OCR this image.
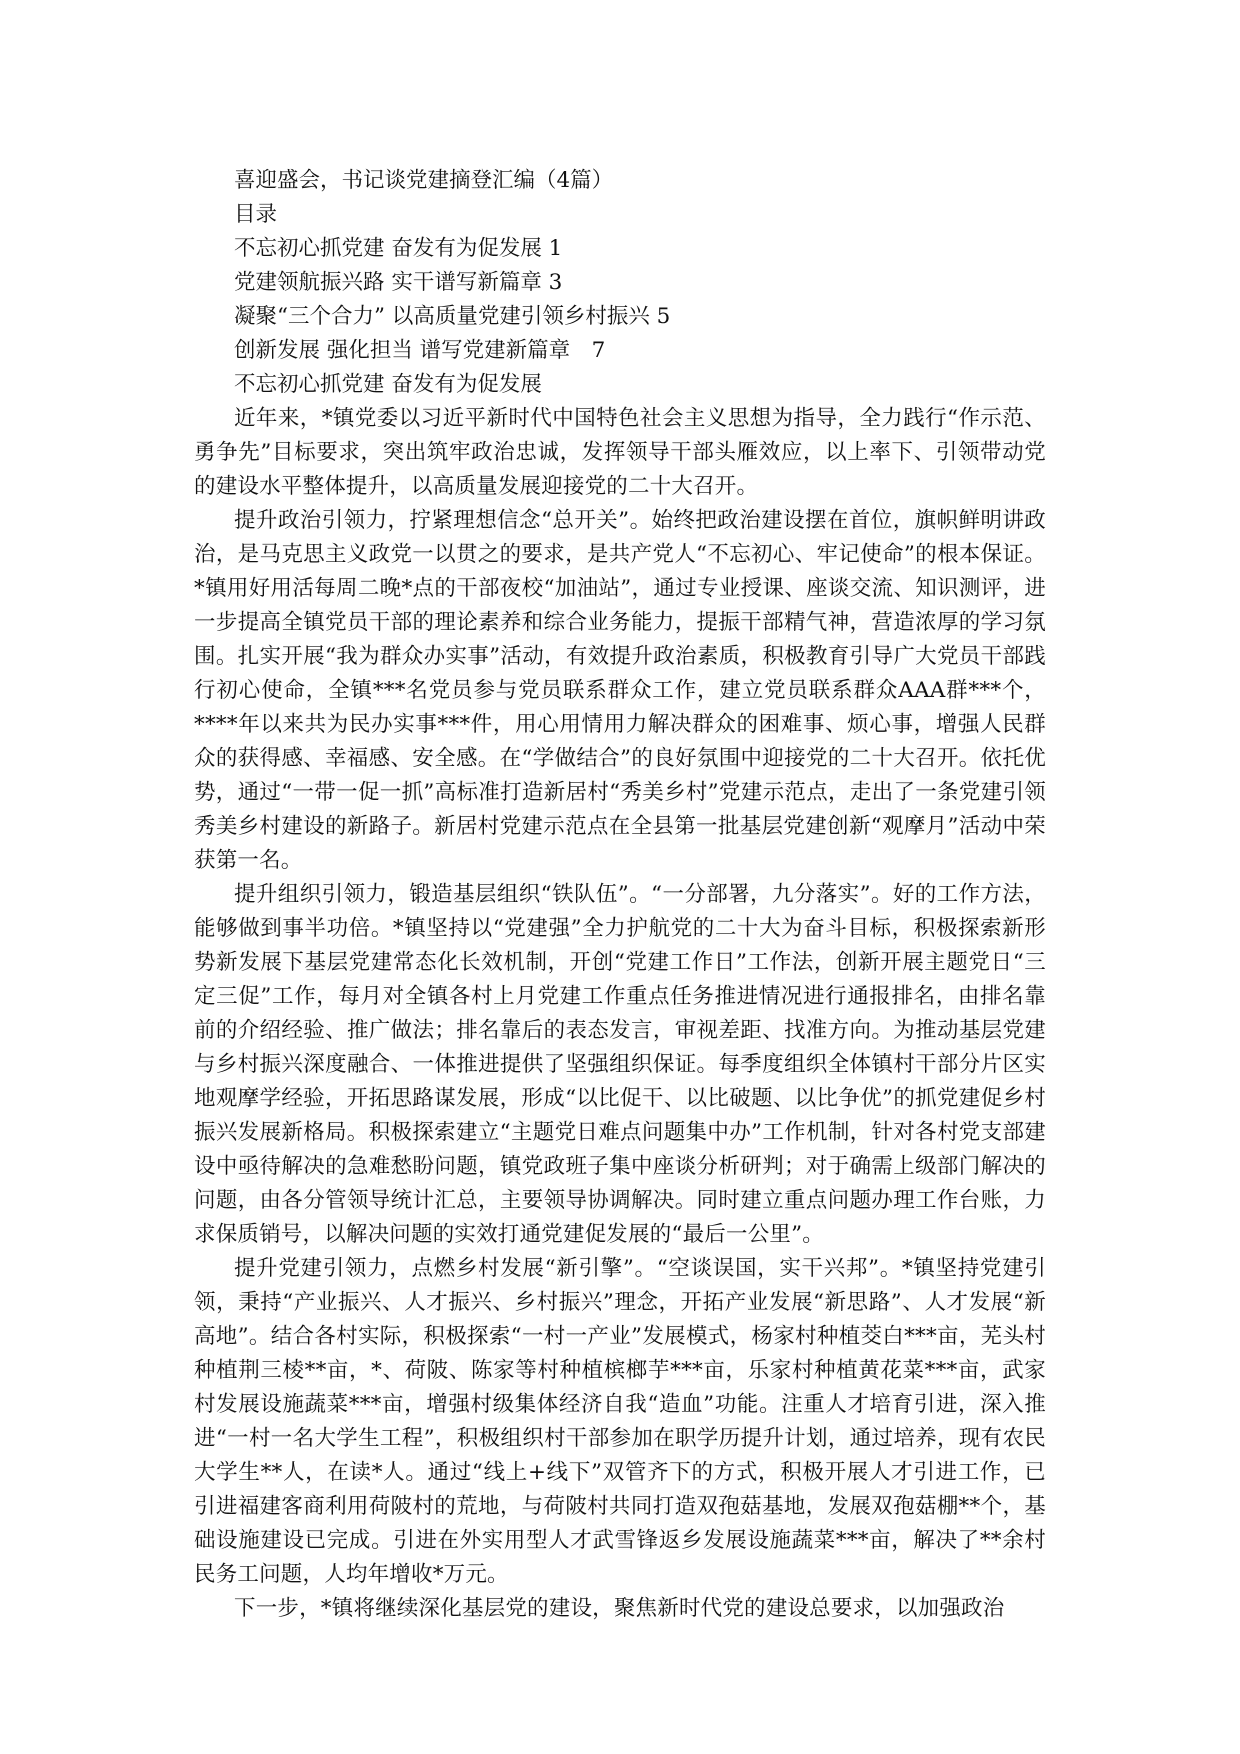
喜迎盛会，书记谈党建摘登汇编（4篇）

目录

不忘初心抓党建 奋发有为促发展 1

党建领航振兴路 实干谱写新篇章 3

凝聚“三个合力” 以高质量党建引领乡村振兴 5

创新发展 强化担当 谱写党建新篇章　7

不忘初心抓党建 奋发有为促发展

近年来，*镇党委以习近平新时代中国特色社会主义思想为指导，全力践行“作示范、勇争先”目标要求，突出筑牢政治忠诚，发挥领导干部头雁效应，以上率下、引领带动党的建设水平整体提升，以高质量发展迎接党的二十大召开。

提升政治引领力，拧紧理想信念“总开关”。始终把政治建设摆在首位，旗帜鲜明讲政治，是马克思主义政党一以贯之的要求，是共产党人“不忘初心、牢记使命”的根本保证。*镇用好用活每周二晚*点的干部夜校“加油站”，通过专业授课、座谈交流、知识测评，进一步提高全镇党员干部的理论素养和综合业务能力，提振干部精气神，营造浓厚的学习氛围。扎实开展“我为群众办实事”活动，有效提升政治素质，积极教育引导广大党员干部践行初心使命，全镇***名党员参与党员联系群众工作，建立党员联系群众AAA群***个，****年以来共为民办实事***件，用心用情用力解决群众的困难事、烦心事，增强人民群众的获得感、幸福感、安全感。在“学做结合”的良好氛围中迎接党的二十大召开。依托优势，通过“一带一促一抓”高标准打造新居村“秀美乡村”党建示范点，走出了一条党建引领秀美乡村建设的新路子。新居村党建示范点在全县第一批基层党建创新“观摩月”活动中荣获第一名。

提升组织引领力，锻造基层组织“铁队伍”。“一分部署，九分落实”。好的工作方法，能够做到事半功倍。*镇坚持以“党建强”全力护航党的二十大为奋斗目标，积极探索新形势新发展下基层党建常态化长效机制，开创“党建工作日”工作法，创新开展主题党日“三定三促”工作，每月对全镇各村上月党建工作重点任务推进情况进行通报排名，由排名靠前的介绍经验、推广做法；排名靠后的表态发言，审视差距、找准方向。为推动基层党建与乡村振兴深度融合、一体推进提供了坚强组织保证。每季度组织全体镇村干部分片区实地观摩学经验，开拓思路谋发展，形成“以比促干、以比破题、以比争优”的抓党建促乡村振兴发展新格局。积极探索建立“主题党日难点问题集中办”工作机制，针对各村党支部建设中亟待解决的急难愁盼问题，镇党政班子集中座谈分析研判；对于确需上级部门解决的问题，由各分管领导统计汇总，主要领导协调解决。同时建立重点问题办理工作台账，力求保质销号，以解决问题的实效打通党建促发展的“最后一公里”。

提升党建引领力，点燃乡村发展“新引擎”。“空谈误国，实干兴邦”。*镇坚持党建引领，秉持“产业振兴、人才振兴、乡村振兴”理念，开拓产业发展“新思路”、人才发展“新高地”。结合各村实际，积极探索“一村一产业”发展模式，杨家村种植茭白***亩，芜头村种植荆三棱**亩，*、荷陂、陈家等村种植槟榔芋***亩，乐家村种植黄花菜***亩，武家村发展设施蔬菜***亩，增强村级集体经济自我“造血”功能。注重人才培育引进，深入推进“一村一名大学生工程”，积极组织村干部参加在职学历提升计划，通过培养，现有农民大学生**人，在读*人。通过“线上+线下”双管齐下的方式，积极开展人才引进工作，已引进福建客商利用荷陂村的荒地，与荷陂村共同打造双孢菇基地，发展双孢菇棚**个，基础设施建设已完成。引进在外实用型人才武雪锋返乡发展设施蔬菜***亩，解决了**余村民务工问题，人均年增收*万元。

下一步，*镇将继续深化基层党的建设，聚焦新时代党的建设总要求，以加强政治
